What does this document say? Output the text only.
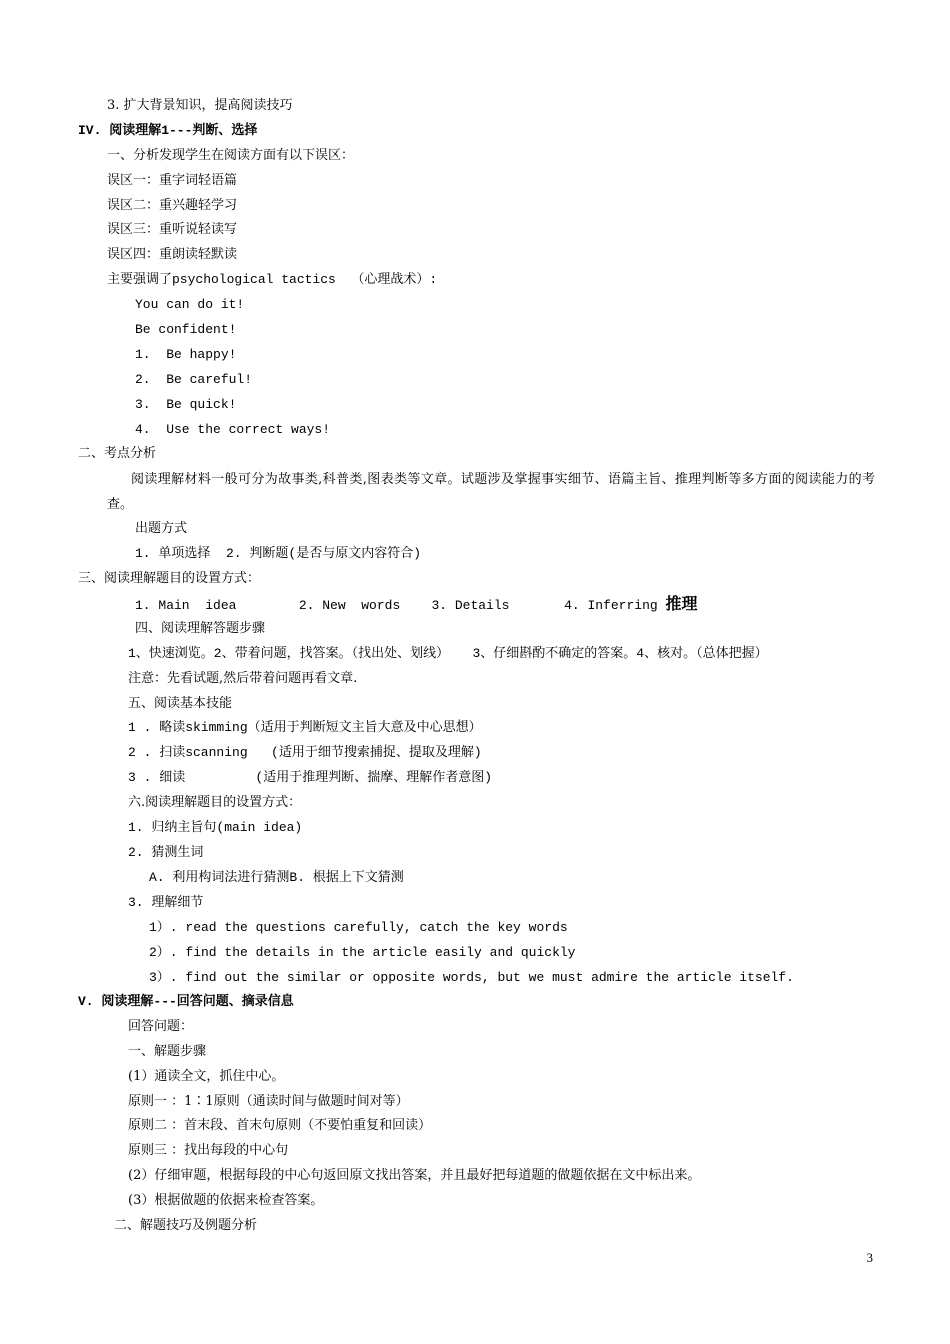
3. 扩大背景知识，提高阅读技巧
IV. 阅读理解1---判断、选择
一、分析发现学生在阅读方面有以下误区：
误区一：重字词轻语篇
误区二：重兴趣轻学习
误区三：重听说轻读写
误区四：重朗读轻默读
主要强调了psychological tactics  （心理战术）:
You can do it!
Be confident!
1.  Be happy!
2.  Be careful!
3.  Be quick!
4.  Use the correct ways!
二、考点分析
阅读理解材料一般可分为故事类,科普类,图表类等文章。试题涉及掌握事实细节、语篇主旨、推理判断等多方面的阅读能力的考查。
出题方式
1. 单项选择  2. 判断题(是否与原文内容符合)
三、阅读理解题目的设置方式：
1. Main  idea        2. New  words    3. Details       4. Inferring 推理
四、阅读理解答题步骤
1、快速浏览。2、带着问题，找答案。（找出处、划线）   3、仔细斟酌不确定的答案。4、核对。（总体把握）
注意：先看试题,然后带着问题再看文章.
五、阅读基本技能
1 . 略读skimming（适用于判断短文主旨大意及中心思想）
2 . 扫读scanning   (适用于细节搜索捕捉、提取及理解)
3 . 细读         (适用于推理判断、揣摩、理解作者意图)
六.阅读理解题目的设置方式：
1. 归纳主旨句(main idea)
2. 猜测生词
A. 利用构词法进行猜测B. 根据上下文猜测
3. 理解细节
1）. read the questions carefully, catch the key words
2）. find the details in the article easily and quickly
3）. find out the similar or opposite words, but we must admire the article itself.
V. 阅读理解---回答问题、摘录信息
回答问题：
一、解题步骤
(1）通读全文，抓住中心。
原则一 ：1∶1原则（通读时间与做题时间对等）
原则二 ：首末段、首末句原则（不要怕重复和回读）
原则三 ：找出每段的中心句
(2）仔细审题，根据每段的中心句返回原文找出答案，并且最好把每道题的做题依据在文中标出来。
(3）根据做题的依据来检查答案。
二、解题技巧及例题分析
3
